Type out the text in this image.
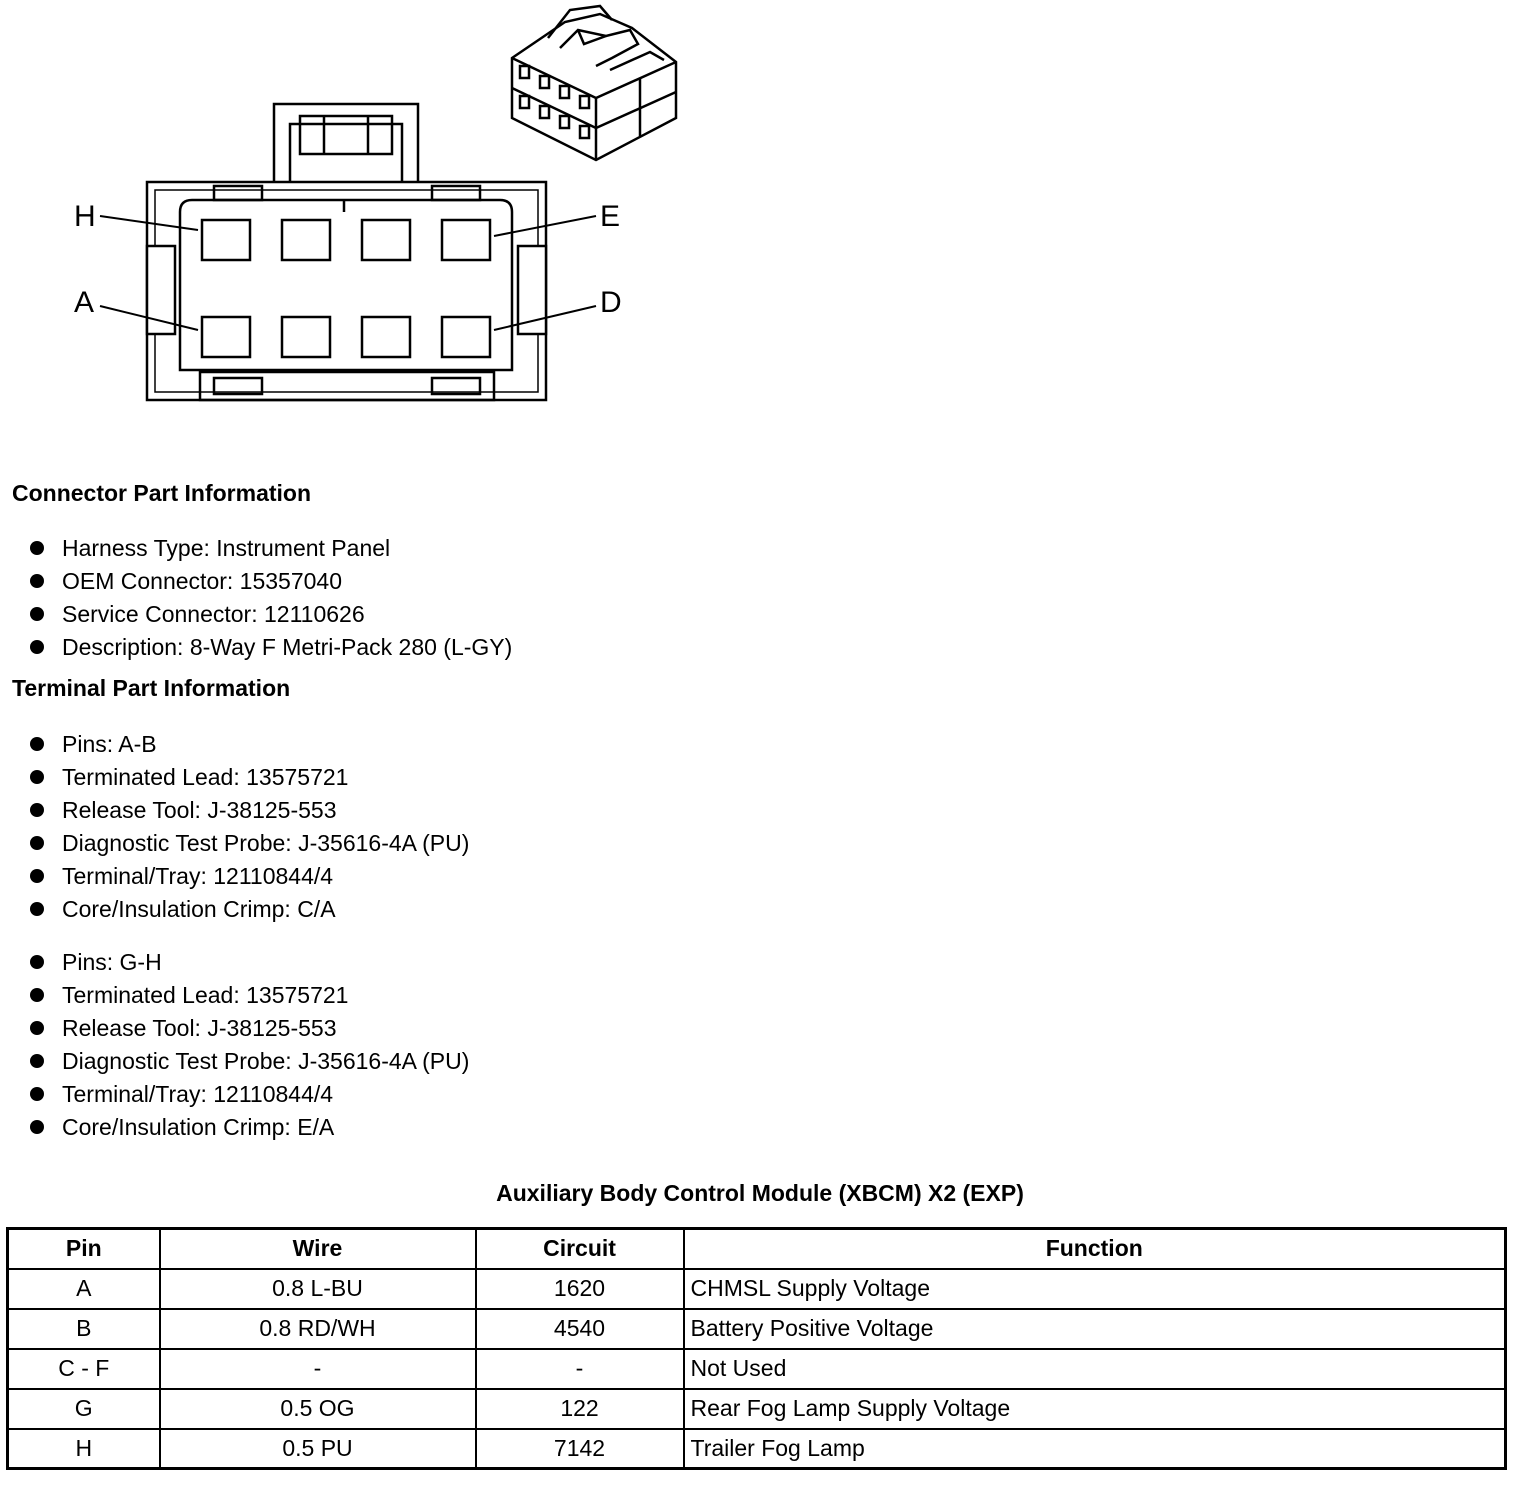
H	E
A	D
Connector Part Information
Harness Type: Instrument Panel
OEM Connector: 15357040
Service Connector: 12110626
Description: 8-Way F Metri-Pack 280 (L-GY)
Terminal Part Information
Pins: A-B
Terminated Lead: 13575721
Release Tool: J-38125-553
Diagnostic Test Probe: J-35616-4A (PU)
Terminal/Tray: 12110844/4
Core/Insulation Crimp: C/A
Pins: G-H
Terminated Lead: 13575721
Release Tool: J-38125-553
Diagnostic Test Probe: J-35616-4A (PU)
Terminal/Tray: 12110844/4
Core/Insulation Crimp: E/A
Auxiliary Body Control Module (XBCM) X2 (EXP)
Pin	Wire	Circuit	Function
A	0.8 L-BU	1620	CHMSL Supply Voltage
B	0.8 RD/WH	4540	Battery Positive Voltage
C - F	-	-	Not Used
G	0.5 OG	122	Rear Fog Lamp Supply Voltage
H	0.5 PU	7142	Trailer Fog Lamp
